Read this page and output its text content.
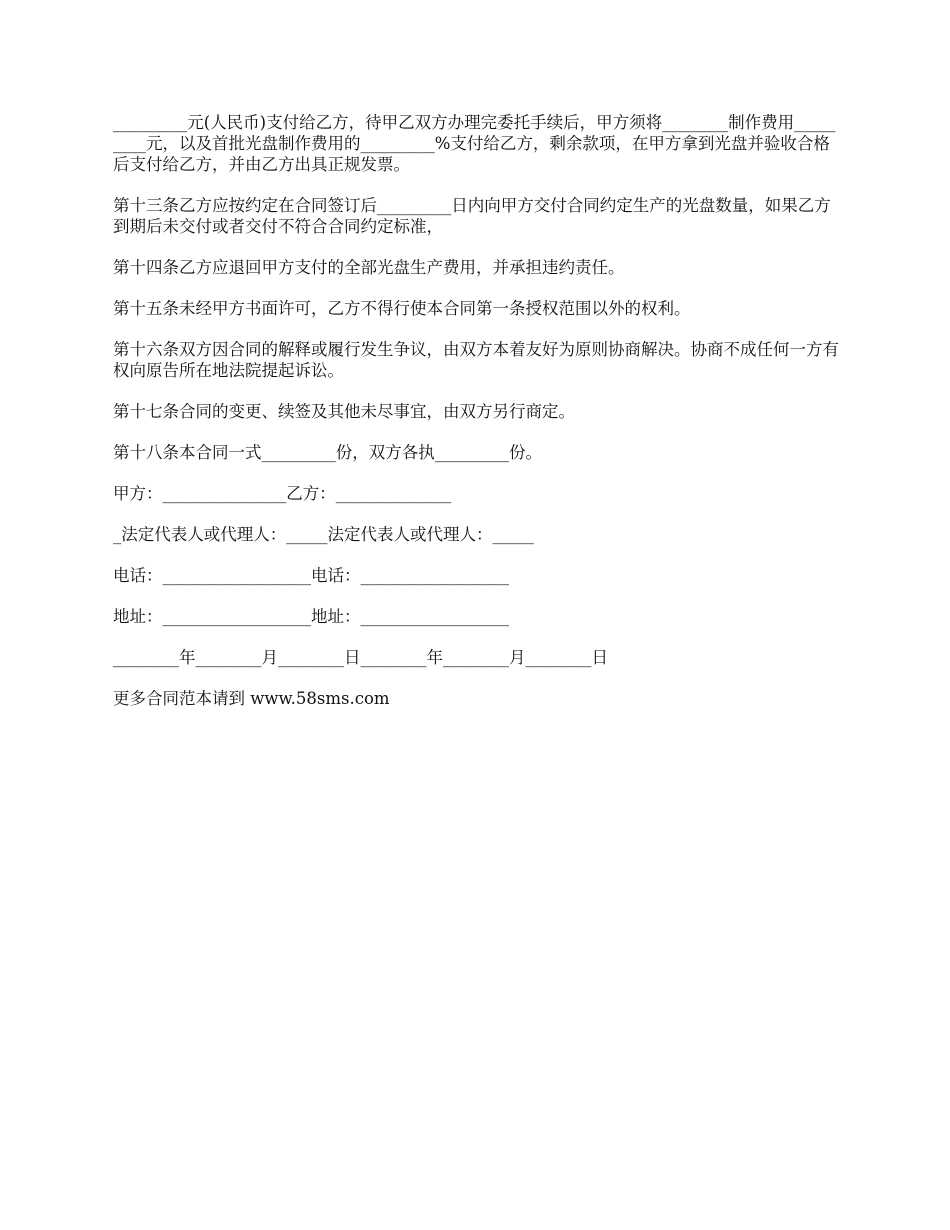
_________元(人民币)支付给乙方，待甲乙双方办理完委托手续后，甲方须将________制作费用_________元，以及首批光盘制作费用的_________%支付给乙方，剩余款项，在甲方拿到光盘并验收合格后支付给乙方，并由乙方出具正规发票。

第十三条乙方应按约定在合同签订后_________日内向甲方交付合同约定生产的光盘数量，如果乙方到期后未交付或者交付不符合合同约定标准，

第十四条乙方应退回甲方支付的全部光盘生产费用，并承担违约责任。

第十五条未经甲方书面许可，乙方不得行使本合同第一条授权范围以外的权利。

第十六条双方因合同的解释或履行发生争议，由双方本着友好为原则协商解决。协商不成任何一方有权向原告所在地法院提起诉讼。

第十七条合同的变更、续签及其他未尽事宜，由双方另行商定。

第十八条本合同一式_________份，双方各执_________份。

甲方：_______________乙方：______________

_法定代表人或代理人：_____法定代表人或代理人：_____

电话：__________________电话：__________________

地址：__________________地址：__________________

________年________月________日________年________月________日

更多合同范本请到 www.58sms.com
